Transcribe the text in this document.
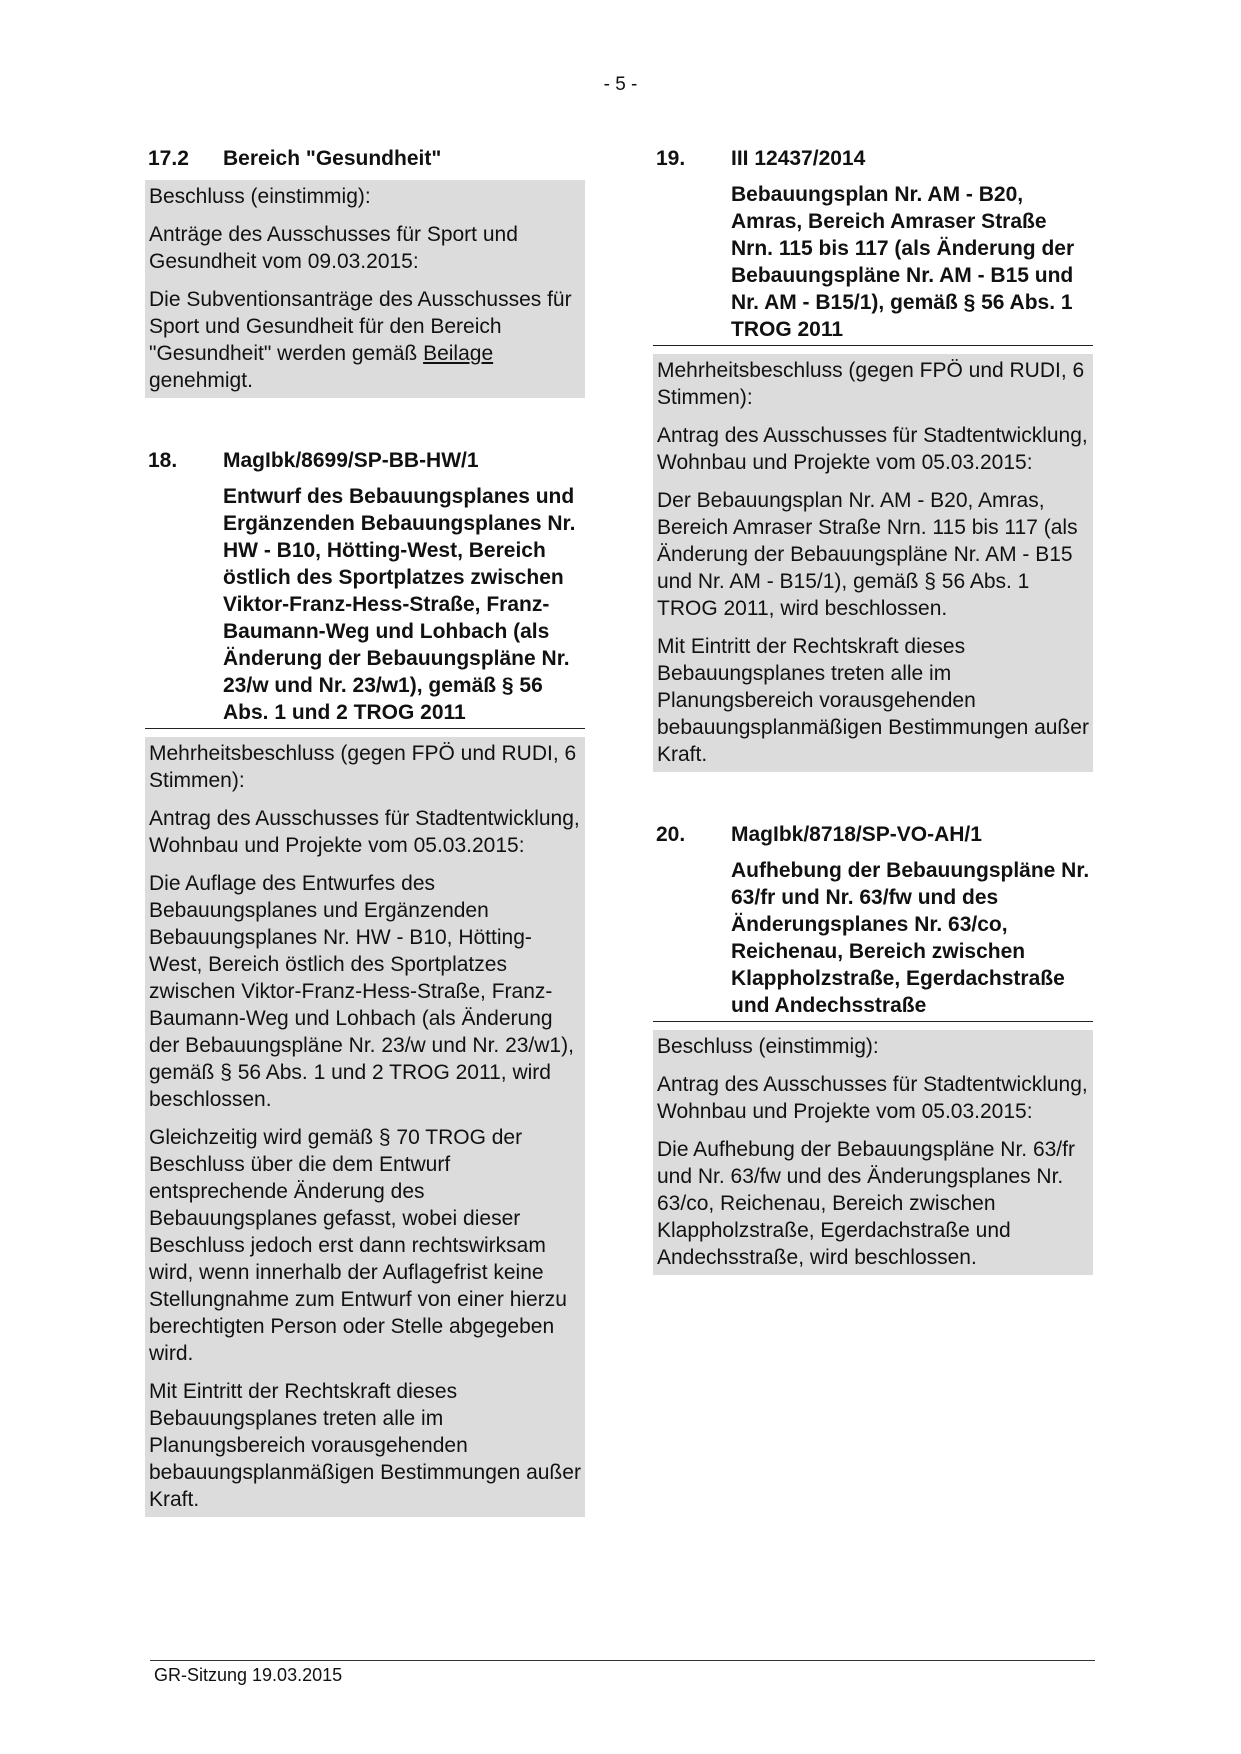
- 5 -
17.2	Bereich "Gesundheit"

Beschluss (einstimmig):

Anträge des Ausschusses für Sport und Gesundheit vom 09.03.2015:

Die Subventionsanträge des Ausschusses für Sport und Gesundheit für den Bereich "Gesundheit" werden gemäß Beilage genehmigt.

18.	MagIbk/8699/SP-BB-HW/1
Entwurf des Bebauungsplanes und Ergänzenden Bebauungsplanes Nr. HW - B10, Hötting-West, Bereich östlich des Sportplatzes zwischen Viktor-Franz-Hess-Straße, Franz-Baumann-Weg und Lohbach (als Änderung der Bebauungspläne Nr. 23/w und Nr. 23/w1), gemäß § 56 Abs. 1 und 2 TROG 2011

Mehrheitsbeschluss (gegen FPÖ und RUDI, 6 Stimmen):

Antrag des Ausschusses für Stadtentwicklung, Wohnbau und Projekte vom 05.03.2015:

Die Auflage des Entwurfes des Bebauungsplanes und Ergänzenden Bebauungsplanes Nr. HW - B10, Hötting-West, Bereich östlich des Sportplatzes zwischen Viktor-Franz-Hess-Straße, Franz-Baumann-Weg und Lohbach (als Änderung der Bebauungspläne Nr. 23/w und Nr. 23/w1), gemäß § 56 Abs. 1 und 2 TROG 2011, wird beschlossen.

Gleichzeitig wird gemäß § 70 TROG der Beschluss über die dem Entwurf entsprechende Änderung des Bebauungsplanes gefasst, wobei dieser Beschluss jedoch erst dann rechtswirksam wird, wenn innerhalb der Auflagefrist keine Stellungnahme zum Entwurf von einer hierzu berechtigten Person oder Stelle abgegeben wird.

Mit Eintritt der Rechtskraft dieses Bebauungsplanes treten alle im Planungsbereich vorausgehenden bebauungsplanmäßigen Bestimmungen außer Kraft.

19.	III 12437/2014
Bebauungsplan Nr. AM - B20, Amras, Bereich Amraser Straße Nrn. 115 bis 117 (als Änderung der Bebauungspläne Nr. AM - B15 und Nr. AM - B15/1), gemäß § 56 Abs. 1 TROG 2011

Mehrheitsbeschluss (gegen FPÖ und RUDI, 6 Stimmen):

Antrag des Ausschusses für Stadtentwicklung, Wohnbau und Projekte vom 05.03.2015:

Der Bebauungsplan Nr. AM - B20, Amras, Bereich Amraser Straße Nrn. 115 bis 117 (als Änderung der Bebauungspläne Nr. AM - B15 und Nr. AM - B15/1), gemäß § 56 Abs. 1 TROG 2011, wird beschlossen.

Mit Eintritt der Rechtskraft dieses Bebauungsplanes treten alle im Planungsbereich vorausgehenden bebauungsplanmäßigen Bestimmungen außer Kraft.

20.	MagIbk/8718/SP-VO-AH/1
Aufhebung der Bebauungspläne Nr. 63/fr und Nr. 63/fw und des Änderungsplanes Nr. 63/co, Reichenau, Bereich zwischen Klappholzstraße, Egerdachstraße und Andechsstraße

Beschluss (einstimmig):

Antrag des Ausschusses für Stadtentwicklung, Wohnbau und Projekte vom 05.03.2015:

Die Aufhebung der Bebauungspläne Nr. 63/fr und Nr. 63/fw und des Änderungsplanes Nr. 63/co, Reichenau, Bereich zwischen Klappholzstraße, Egerdachstraße und Andechsstraße, wird beschlossen.

GR-Sitzung 19.03.2015
